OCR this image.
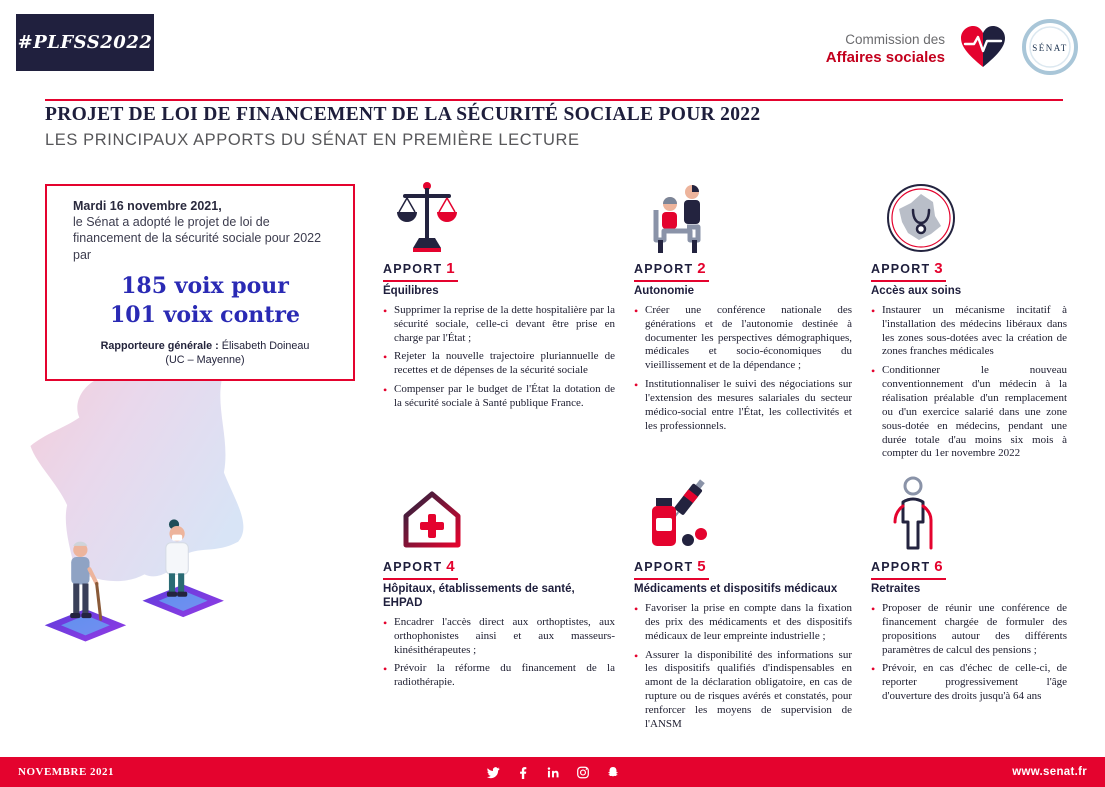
#PLFSS2022	Commission des
Affaires sociales
SÉNAT
PROJET DE LOI DE FINANCEMENT DE LA SÉCURITÉ SOCIALE POUR 2022
LES PRINCIPAUX APPORTS DU SÉNAT EN PREMIÈRE LECTURE
Mardi 16 novembre 2021,
le Sénat a adopté le projet de loi de financement de la sécurité sociale pour 2022 par
185 voix pour
101 voix contre
Rapporteure générale : Élisabeth Doineau
(UC – Mayenne)
APPORT 1
Équilibres
• Supprimer la reprise de la dette hospitalière par la sécurité sociale, celle-ci devant être prise en charge par l'État ;
• Rejeter la nouvelle trajectoire pluriannuelle de recettes et de dépenses de la sécurité sociale
• Compenser par le budget de l'État la dotation de la sécurité sociale à Santé publique France.
APPORT 2
Autonomie
• Créer une conférence nationale des générations et de l'autonomie destinée à documenter les perspectives démographiques, médicales et socio-économiques du vieillissement et de la dépendance ;
• Institutionnaliser le suivi des négociations sur l'extension des mesures salariales du secteur médico-social entre l'État, les collectivités et les professionnels.
APPORT 3
Accès aux soins
• Instaurer un mécanisme incitatif à l'installation des médecins libéraux dans les zones sous-dotées avec la création de zones franches médicales
• Conditionner le nouveau conventionnement d'un médecin à la réalisation préalable d'un remplacement ou d'un exercice salarié dans une zone sous-dotée en médecins, pendant une durée totale d'au moins six mois à compter du 1er novembre 2022
APPORT 4
Hôpitaux, établissements de santé, EHPAD
• Encadrer l'accès direct aux orthoptistes, aux orthophonistes ainsi et aux masseurs-kinésithérapeutes ;
• Prévoir la réforme du financement de la radiothérapie.
APPORT 5
Médicaments et dispositifs médicaux
• Favoriser la prise en compte dans la fixation des prix des médicaments et des dispositifs médicaux de leur empreinte industrielle ;
• Assurer la disponibilité des informations sur les dispositifs qualifiés d'indispensables en amont de la déclaration obligatoire, en cas de rupture ou de risques avérés et constatés, pour renforcer les moyens de supervision de l'ANSM
APPORT 6
Retraites
• Proposer de réunir une conférence de financement chargée de formuler des propositions autour des différents paramètres de calcul des pensions ;
• Prévoir, en cas d'échec de celle-ci, de reporter progressivement l'âge d'ouverture des droits jusqu'à 64 ans
NOVEMBRE 2021	www.senat.fr
